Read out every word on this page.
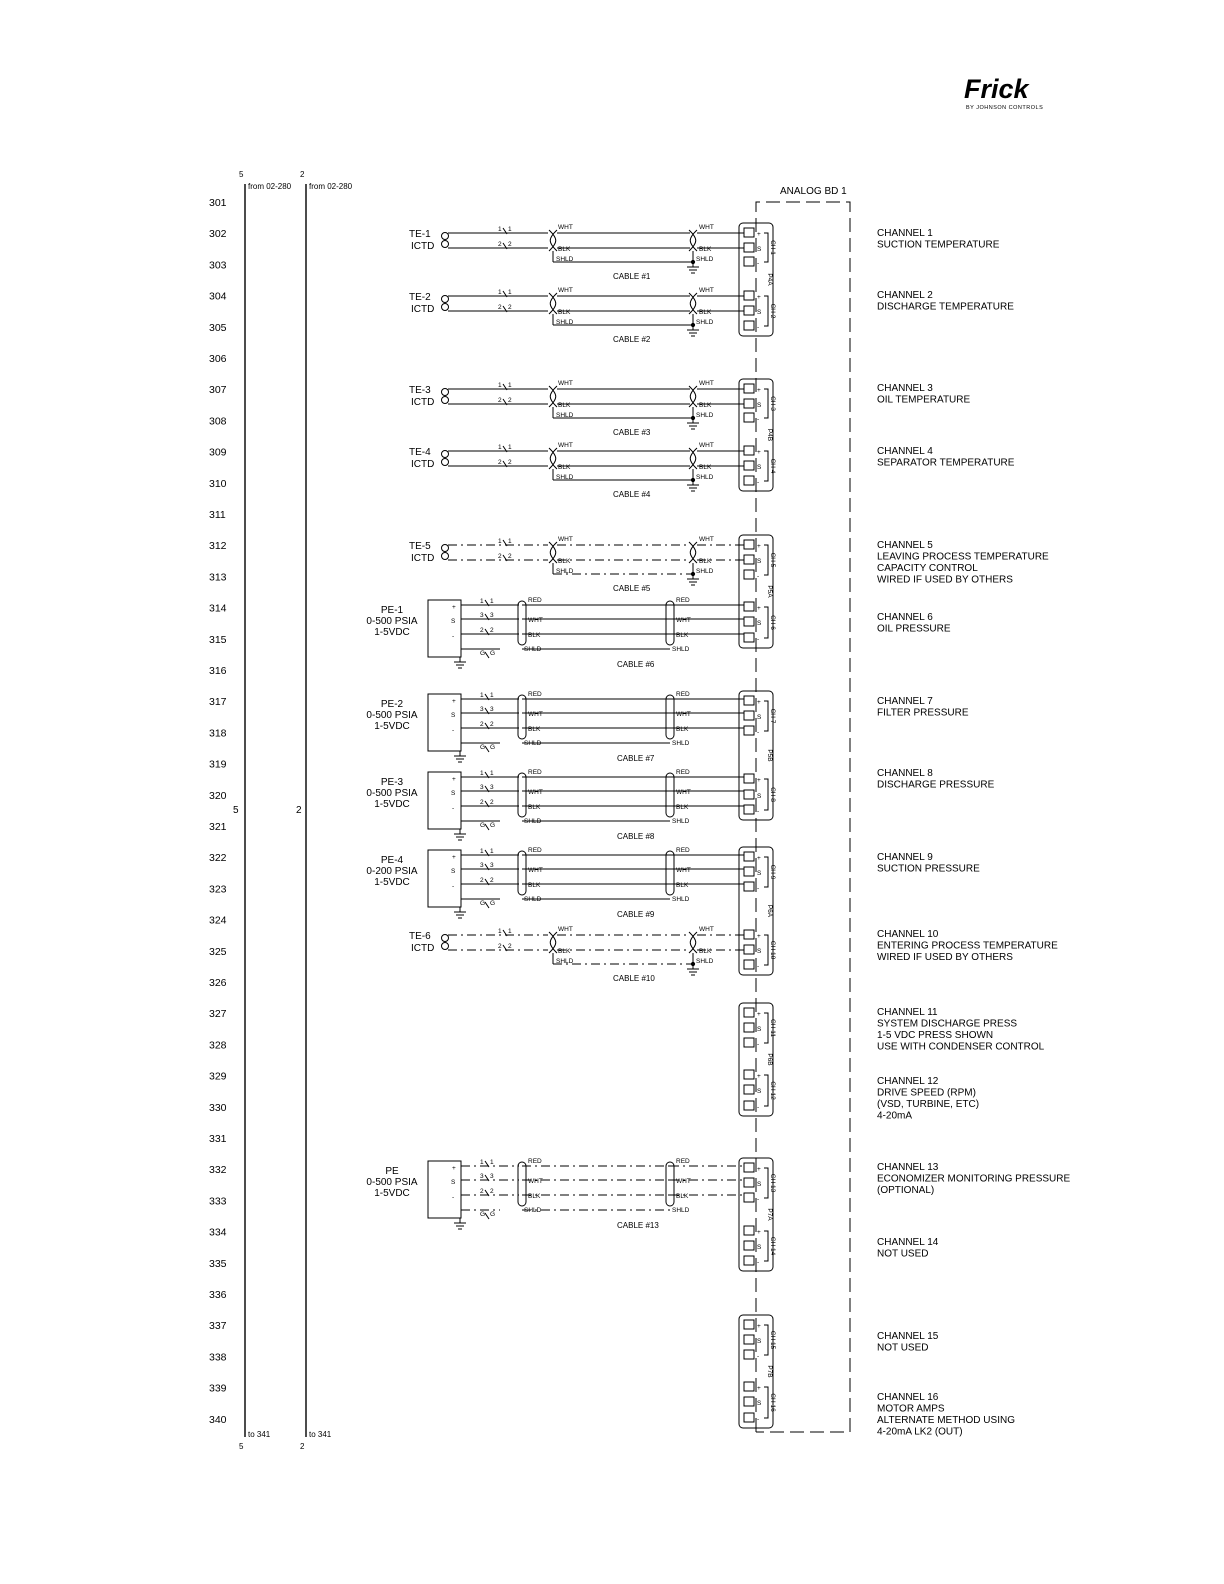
Frick
BY JOHNSON CONTROLS
5	2
from 02-280 from 02-280
5	2
to 341	to 341
5	2
301
302
303
304
305
306
307
308
309
310
311
312
313
314
315
316
317
318
319
320
321
322
323
324
325
326
327
328
329
330
331
332
333
334
335
336
337
338
339
340
ANALOG BD 1
P4A
+
S
-
CH 1
+
S
-
CH 2
P4B
+
S
-
CH 3
+
S
-
CH 4
P5A
+
S
-
CH 5
+
S
-
CH 6
P5B
+
S
-
CH 7
+
S
-
CH 8
P6A
+
S
-
CH 9
+
S
-
CH 10
P6B
+
S
-
CH 11
+
S
-
CH 12
P7A
+
S
-
CH 13
+
S
-
CH 14
P7B
+
S
-
CH 15
+
S
-
CH 16
TE-1
ICTD
1 1
2 2
WHT
BLK
SHLD
WHT
BLK
SHLD
CABLE #1
TE-2
ICTD
1 1
2 2
WHT
BLK
SHLD
WHT
BLK
SHLD
CABLE #2
TE-3
ICTD
1 1
2 2
WHT
BLK
SHLD
WHT
BLK
SHLD
CABLE #3
TE-4
ICTD
1 1
2 2
WHT
BLK
SHLD
WHT
BLK
SHLD
CABLE #4
TE-5
ICTD
1 1
2 2
WHT
BLK
SHLD
WHT
BLK
SHLD
CABLE #5
TE-6
ICTD
1 1
2 2
WHT
BLK
SHLD
WHT
BLK
SHLD
CABLE #10
PE-1
0-500 PSIA
1-5VDC
+
S
-
1 1
3 3
2 2
G G
RED
WHT
BLK
SHLD
RED
WHT
BLK
SHLD
CABLE #6
PE-2
0-500 PSIA
1-5VDC
+
S
-
1 1
3 3
2 2
G G
RED
WHT
BLK
SHLD
RED
WHT
BLK
SHLD
CABLE #7
PE-3
0-500 PSIA
1-5VDC
+
S
-
1 1
3 3
2 2
G G
RED
WHT
BLK
SHLD
RED
WHT
BLK
SHLD
CABLE #8
PE-4
0-200 PSIA
1-5VDC
+
S
-
1 1
3 3
2 2
G G
RED
WHT
BLK
SHLD
RED
WHT
BLK
SHLD
CABLE #9
PE
0-500 PSIA
1-5VDC
+
S
-
1 1
3 3
2 2
G G
RED
WHT
BLK
SHLD
RED
WHT
BLK
SHLD
CABLE #13
CHANNEL 1
SUCTION TEMPERATURE
CHANNEL 2
DISCHARGE TEMPERATURE
CHANNEL 3
OIL TEMPERATURE
CHANNEL 4
SEPARATOR TEMPERATURE
CHANNEL 5
LEAVING PROCESS TEMPERATURE
CAPACITY CONTROL
WIRED IF USED BY OTHERS
CHANNEL 6
OIL PRESSURE
CHANNEL 7
FILTER PRESSURE
CHANNEL 8
DISCHARGE PRESSURE
CHANNEL 9
SUCTION PRESSURE
CHANNEL 10
ENTERING PROCESS TEMPERATURE
WIRED IF USED BY OTHERS
CHANNEL 11
SYSTEM DISCHARGE PRESS
1-5 VDC PRESS SHOWN
USE WITH CONDENSER CONTROL
CHANNEL 12
DRIVE SPEED (RPM)
(VSD, TURBINE, ETC)
4-20mA
CHANNEL 13
ECONOMIZER MONITORING PRESSURE
(OPTIONAL)
CHANNEL 14
NOT USED
CHANNEL 15
NOT USED
CHANNEL 16
MOTOR AMPS
ALTERNATE METHOD USING
4-20mA LK2 (OUT)
